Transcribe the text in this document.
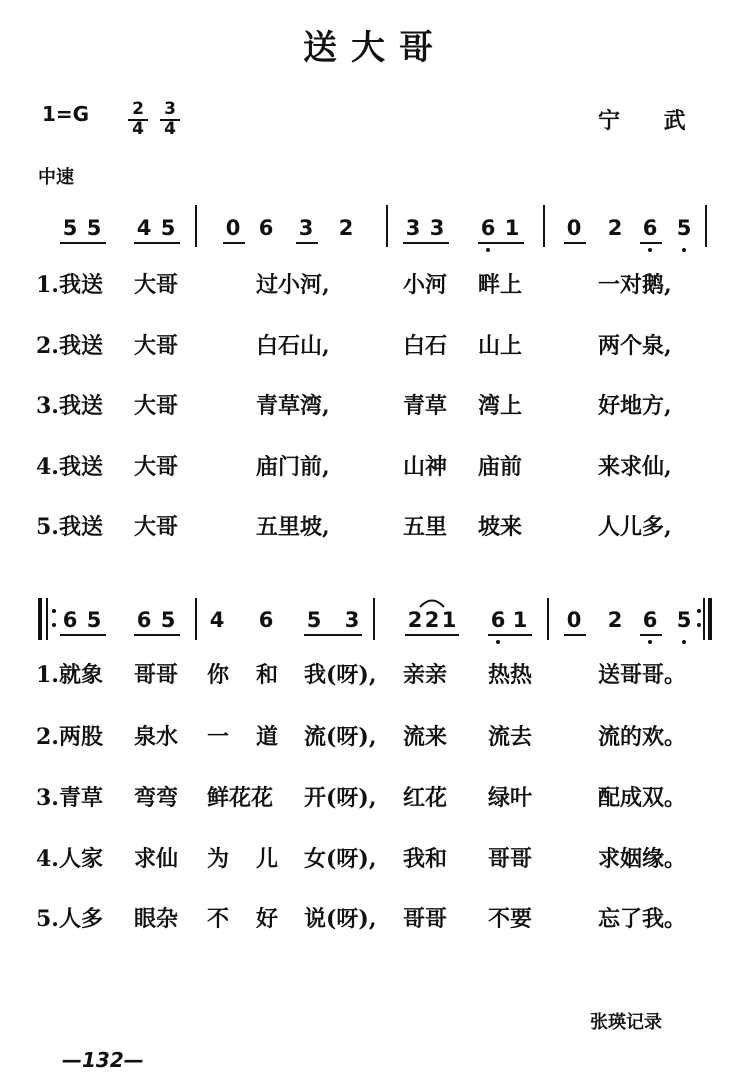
送大哥
$1=G \frac{2}{4} \frac{3}{4}$	宁 武
中速
5 5 4 5 0 6 3 2 3 3 6 1 0 2 6 5
1.我送 大哥	过小河,	小河 畔上	一对鹅,
2.我送 大哥	白石山,	白石 山上	两个泉,
3.我送 大哥	青草湾,	青草 湾上	好地方,
4.我送 大哥	庙门前,	山神 庙前	来求仙,
5.我送 大哥	五里坡,	五里 坡来	人儿多,
6 5 6 5 4 6 5 3 2 2 1 6 1 0 2 6 5
1.就象 哥哥 你 和 我(呀), 亲亲 热热	送哥哥。
2.两股 泉水 一 道 流(呀), 流来 流去	流的欢。
3.青草 弯弯 鲜花花 开(呀), 红花 绿叶	配成双。
4.人家 求仙 为 儿 女(呀), 我和 哥哥	求姻缘。
5.人多 眼杂 不 好 说(呀), 哥哥 不要	忘了我。
张瑛记录
—132—
